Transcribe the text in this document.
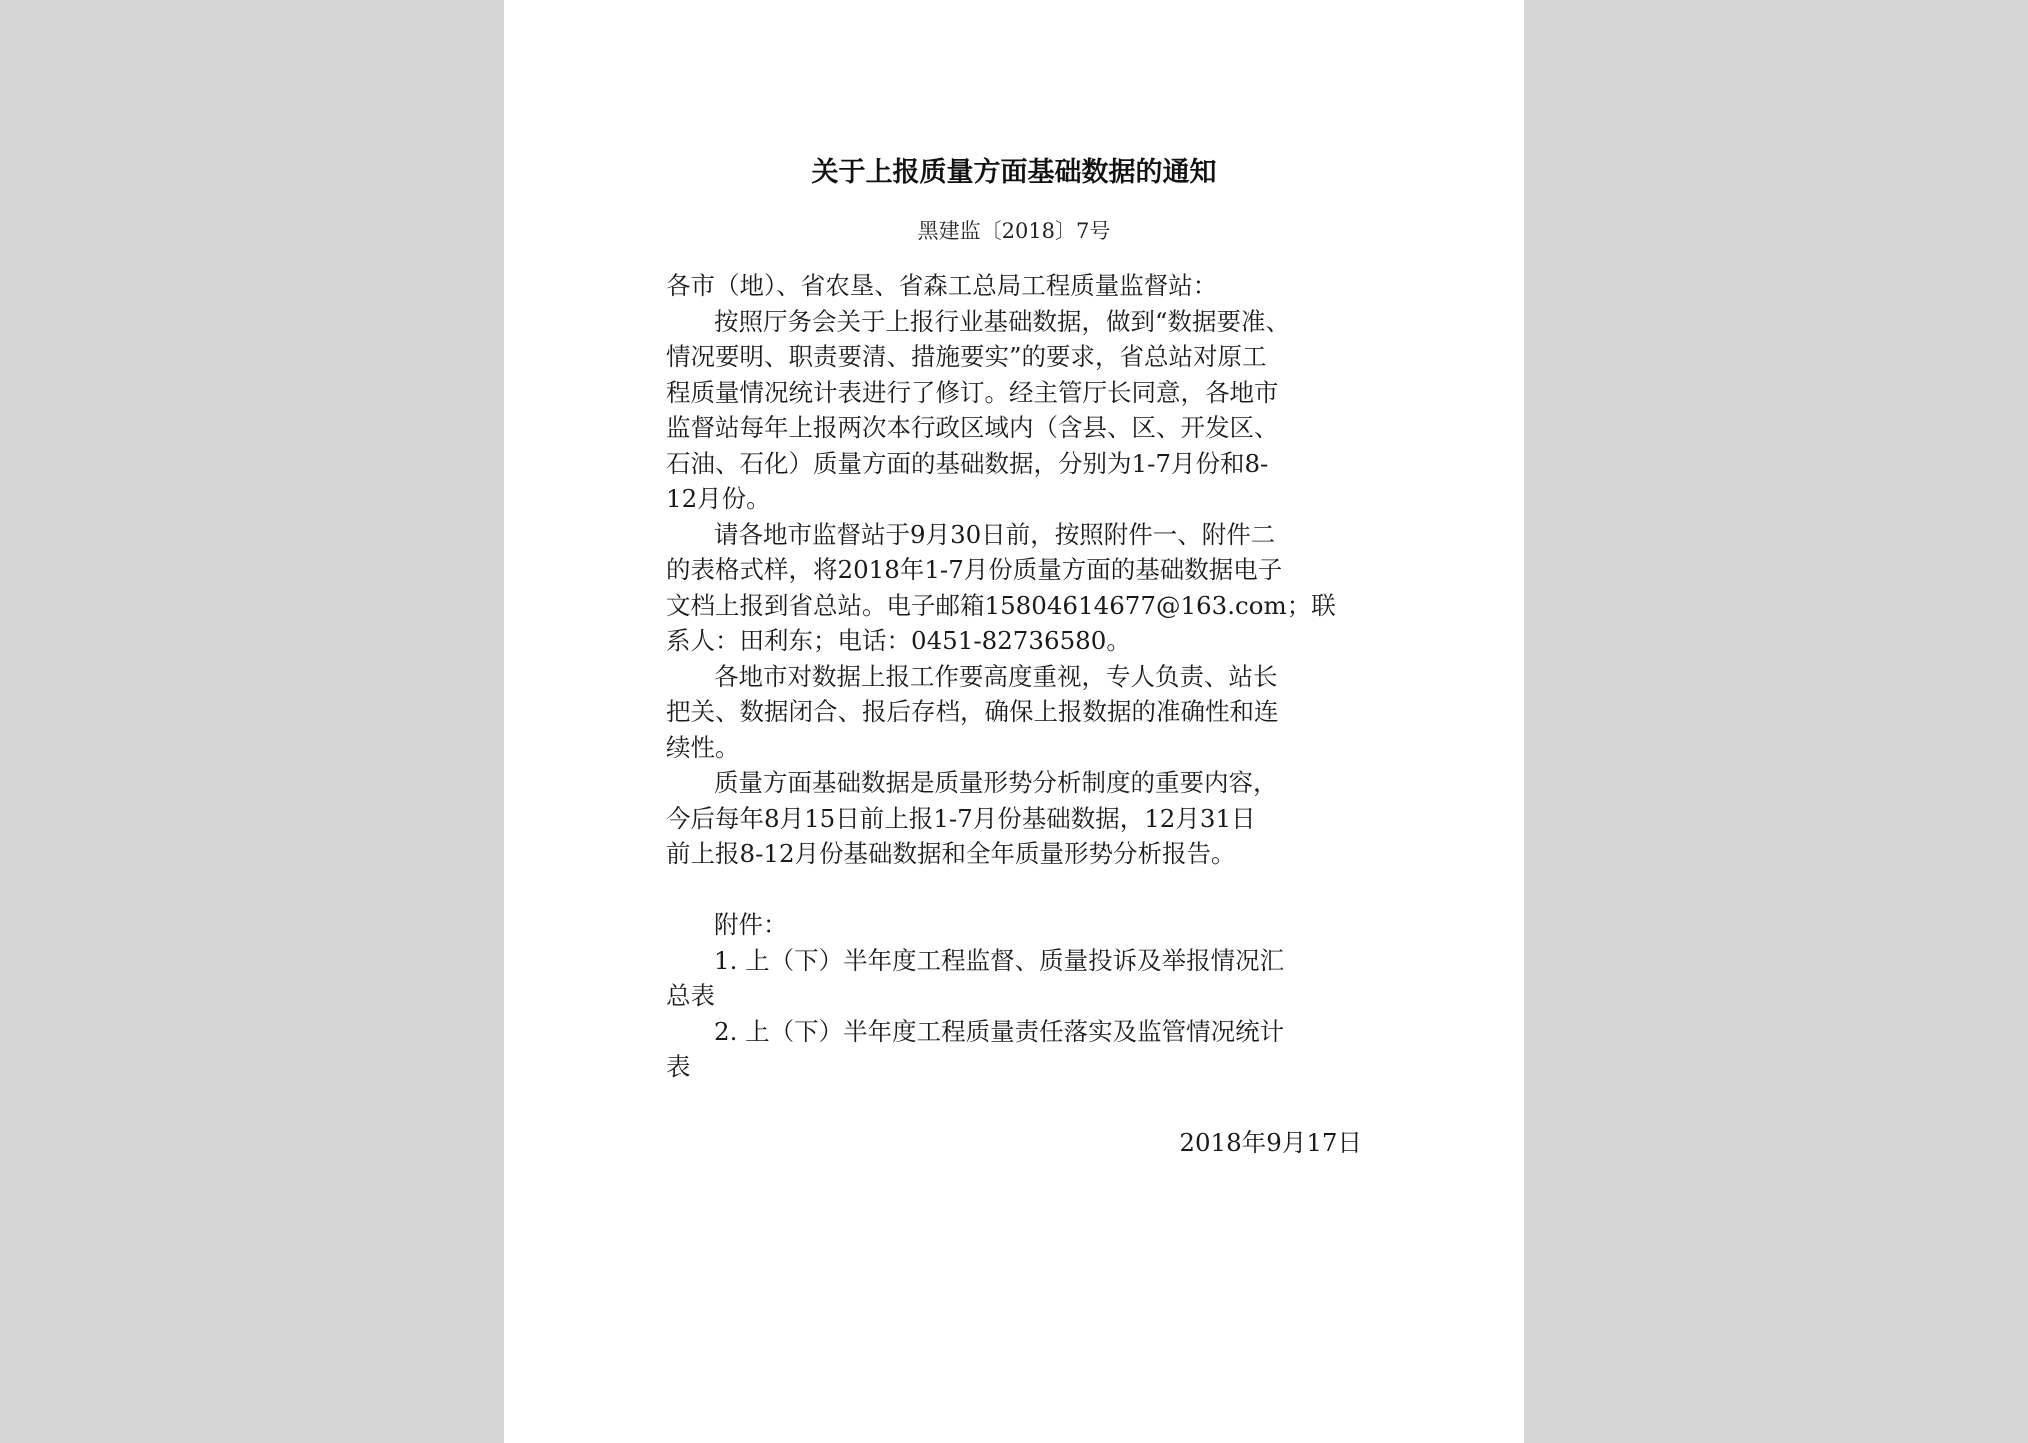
关于上报质量方面基础数据的通知
黑建监〔2018〕7号
各市（地）、省农垦、省森工总局工程质量监督站：
按照厅务会关于上报行业基础数据，做到“数据要准、
情况要明、职责要清、措施要实”的要求，省总站对原工
程质量情况统计表进行了修订。经主管厅长同意，各地市
监督站每年上报两次本行政区域内（含县、区、开发区、
石油、石化）质量方面的基础数据，分别为1-7月份和8-
12月份。
请各地市监督站于9月30日前，按照附件一、附件二
的表格式样，将2018年1-7月份质量方面的基础数据电子
文档上报到省总站。电子邮箱15804614677@163.com；联
系人：田利东；电话：0451-82736580。
各地市对数据上报工作要高度重视，专人负责、站长
把关、数据闭合、报后存档，确保上报数据的准确性和连
续性。
质量方面基础数据是质量形势分析制度的重要内容，
今后每年8月15日前上报1-7月份基础数据，12月31日
前上报8-12月份基础数据和全年质量形势分析报告。
附件：
1. 上（下）半年度工程监督、质量投诉及举报情况汇
总表
2. 上（下）半年度工程质量责任落实及监管情况统计
表
2018年9月17日
